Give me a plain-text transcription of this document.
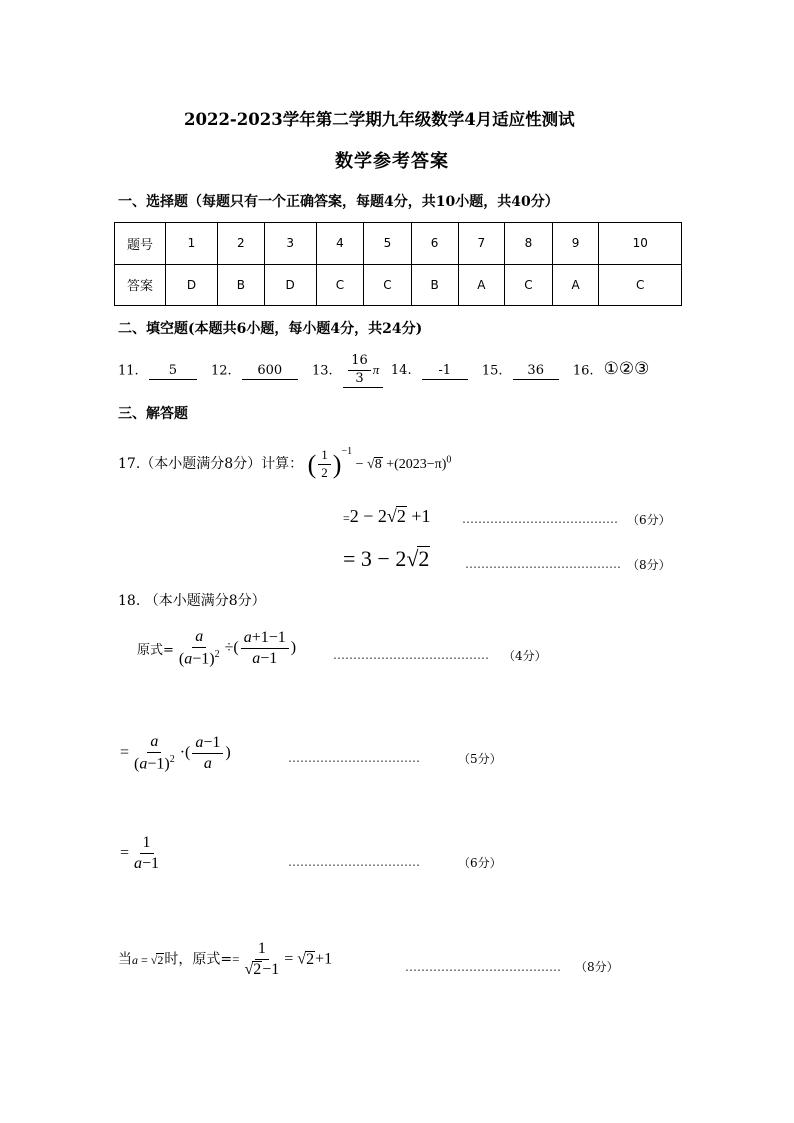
2022-2023学年第二学期九年级数学4月适应性测试
数学参考答案
一、选择题（每题只有一个正确答案，每题4分，共10小题，共40分）
题号	1	2	3	4	5	6	7	8	9	10
答案	D	B	D	C	C	B	A	C	A	C
二、填空题(本题共6小题，每小题4分，共24分)
11. 5	12. 600 13. $\frac{16}{3}$ π 14. -1 15. 36 16. ①②③
三、解答题
17.（本小题满分8分）计算： ( $\frac{1}{2} )^{-1} - √8 +(2023-\pi)^0$
=2 − 2√2 +1	………………………………… （6分）
= 3 − 2√2	………………………………… （8分）
18. （本小题满分8分）
原式= $\frac{a}{(a-1)^2}$ ÷( $\frac{a+1-1}{a-1}$ )	………………………………… （4分）
= $\frac{a}{(a-1)^2}$ ·( $\frac{a-1}{a}$ )	……………………………	（5分）
= $\frac{1}{a-1}$	……………………………	（6分）
当a = √2时，原式== $\frac{1}{√2-1} = √2+1$	………………………………… （8分）
